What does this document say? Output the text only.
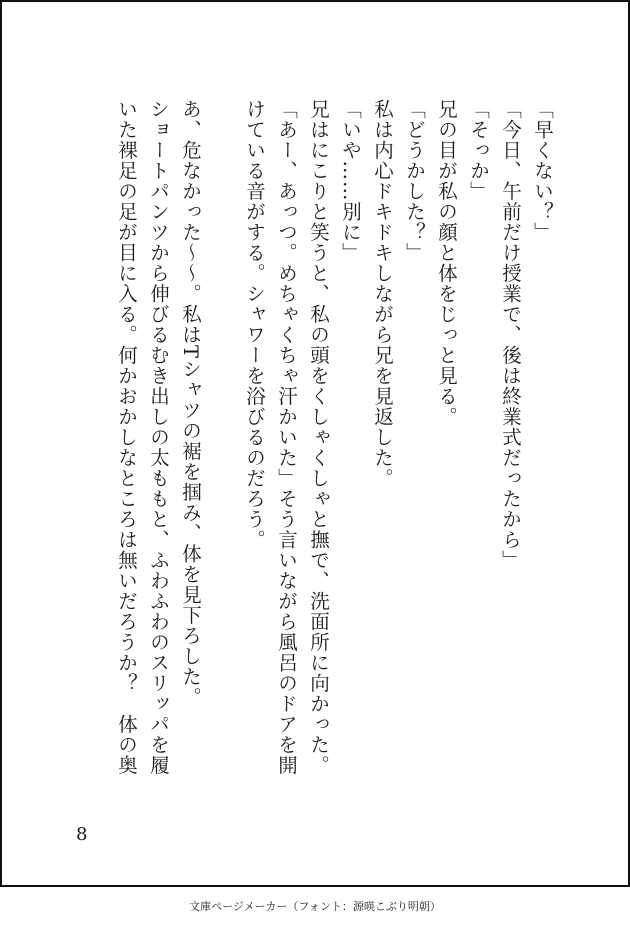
「早くない？」
「今日、午前だけ授業で、後は終業式だったから」
「そっか」
兄の目が私の顔と体をじっと見る。
「どうかした？」
私は内心ドキドキしながら兄を見返した。
「いや……別に」
兄はにこりと笑うと、私の頭をくしゃくしゃと撫で、洗面所に向かった。
「あー、あっつ。めちゃくちゃ汗かいた」そう言いながら風呂のドアを開
けている音がする。シャワーを浴びるのだろう。
あ、危なかった～～。私はTシャツの裾を掴み、体を見下ろした。
ショートパンツから伸びるむき出しの太ももと、ふわふわのスリッパを履
いた裸足の足が目に入る。何かおかしなところは無いだろうか？　体の奥
8
文庫ページメーカー（フォント：源暎こぶり明朝）
